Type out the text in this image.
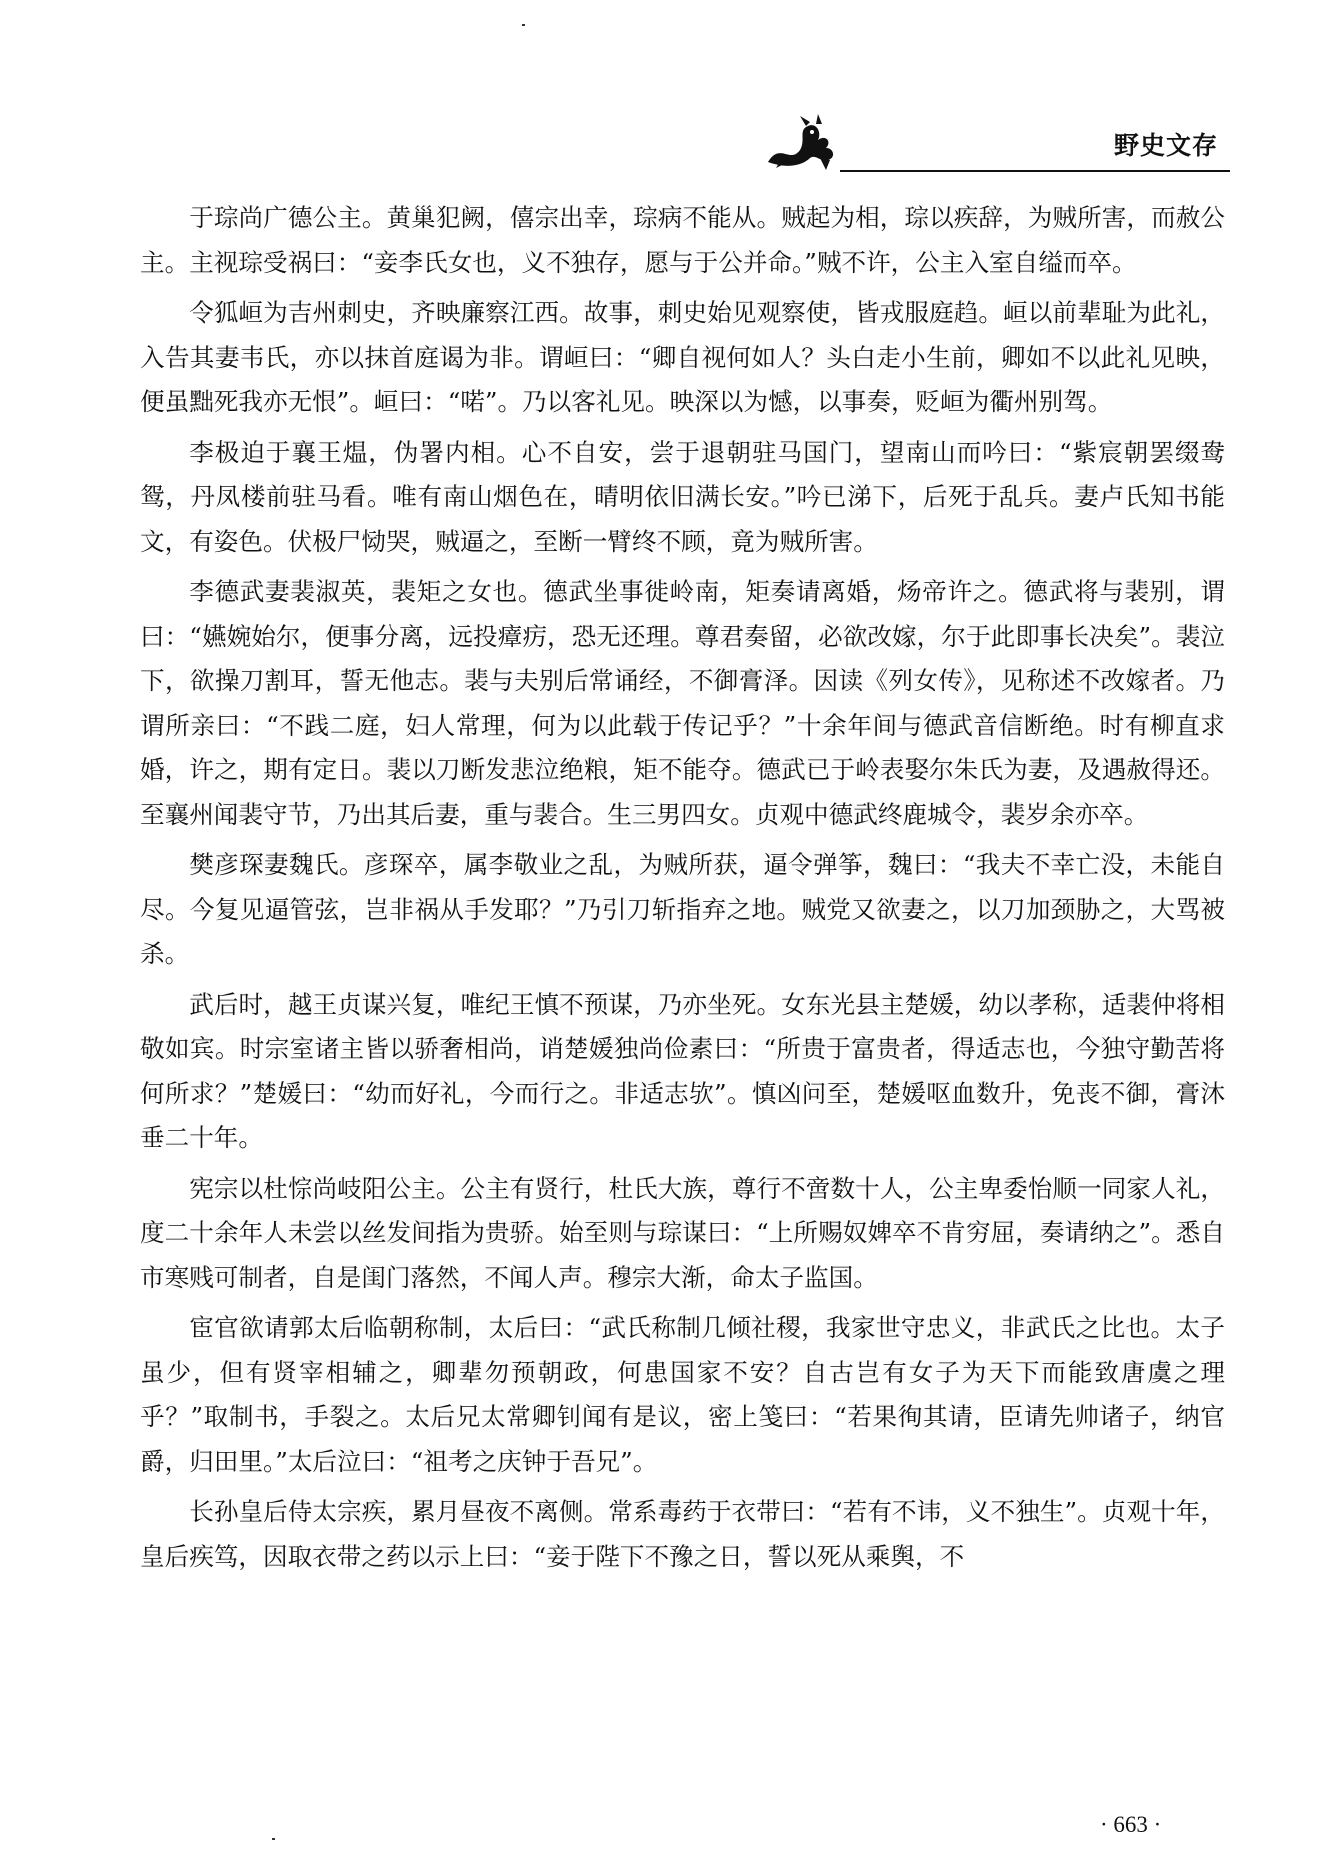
野史文存

于琮尚广德公主。黄巢犯阙，僖宗出幸，琮病不能从。贼起为相，琮以疾辞，为贼所害，而赦公主。主视琮受祸曰：“妾李氏女也，义不独存，愿与于公并命。”贼不许，公主入室自缢而卒。

令狐峘为吉州刺史，齐映廉察江西。故事，刺史始见观察使，皆戎服庭趋。峘以前辈耻为此礼，入告其妻韦氏，亦以抹首庭谒为非。谓峘曰：“卿自视何如人？头白走小生前，卿如不以此礼见映，便虽黜死我亦无恨”。峘曰：“喏”。乃以客礼见。映深以为憾，以事奏，贬峘为衢州别驾。

李极迫于襄王煴，伪署内相。心不自安，尝于退朝驻马国门，望南山而吟曰：“紫宸朝罢缀鸯鸳，丹凤楼前驻马看。唯有南山烟色在，晴明依旧满长安。”吟已涕下，后死于乱兵。妻卢氏知书能文，有姿色。伏极尸恸哭，贼逼之，至断一臂终不顾，竟为贼所害。

李德武妻裴淑英，裴矩之女也。德武坐事徙岭南，矩奏请离婚，炀帝许之。德武将与裴别，谓曰：“嬿婉始尔，便事分离，远投瘴疠，恐无还理。尊君奏留，必欲改嫁，尔于此即事长决矣”。裴泣下，欲操刀割耳，誓无他志。裴与夫别后常诵经，不御膏泽。因读《列女传》，见称述不改嫁者。乃谓所亲曰：“不践二庭，妇人常理，何为以此载于传记乎？”十余年间与德武音信断绝。时有柳直求婚，许之，期有定日。裴以刀断发悲泣绝粮，矩不能夺。德武已于岭表娶尔朱氏为妻，及遇赦得还。至襄州闻裴守节，乃出其后妻，重与裴合。生三男四女。贞观中德武终鹿城令，裴岁余亦卒。

樊彦琛妻魏氏。彦琛卒，属李敬业之乱，为贼所获，逼令弹筝，魏曰：“我夫不幸亡没，未能自尽。今复见逼管弦，岂非祸从手发耶？”乃引刀斩指弃之地。贼党又欲妻之，以刀加颈胁之，大骂被杀。

武后时，越王贞谋兴复，唯纪王慎不预谋，乃亦坐死。女东光县主楚媛，幼以孝称，适裴仲将相敬如宾。时宗室诸主皆以骄奢相尚，诮楚媛独尚俭素曰：“所贵于富贵者，得适志也，今独守勤苦将何所求？”楚媛曰：“幼而好礼，今而行之。非适志欤”。慎凶问至，楚媛呕血数升，免丧不御，膏沐垂二十年。

宪宗以杜悰尚岐阳公主。公主有贤行，杜氏大族，尊行不啻数十人，公主卑委怡顺一同家人礼，度二十余年人未尝以丝发间指为贵骄。始至则与琮谋曰：“上所赐奴婢卒不肯穷屈，奏请纳之”。悉自市寒贱可制者，自是闺门落然，不闻人声。穆宗大渐，命太子监国。

宦官欲请郭太后临朝称制，太后曰：“武氏称制几倾社稷，我家世守忠义，非武氏之比也。太子虽少，但有贤宰相辅之，卿辈勿预朝政，何患国家不安？自古岂有女子为天下而能致唐虞之理乎？”取制书，手裂之。太后兄太常卿钊闻有是议，密上笺曰：“若果徇其请，臣请先帅诸子，纳官爵，归田里。”太后泣曰：“祖考之庆钟于吾兄”。

长孙皇后侍太宗疾，累月昼夜不离侧。常系毒药于衣带曰：“若有不讳，义不独生”。贞观十年，皇后疾笃，因取衣带之药以示上曰：“妾于陛下不豫之日，誓以死从乘舆，不

· 663 ·
